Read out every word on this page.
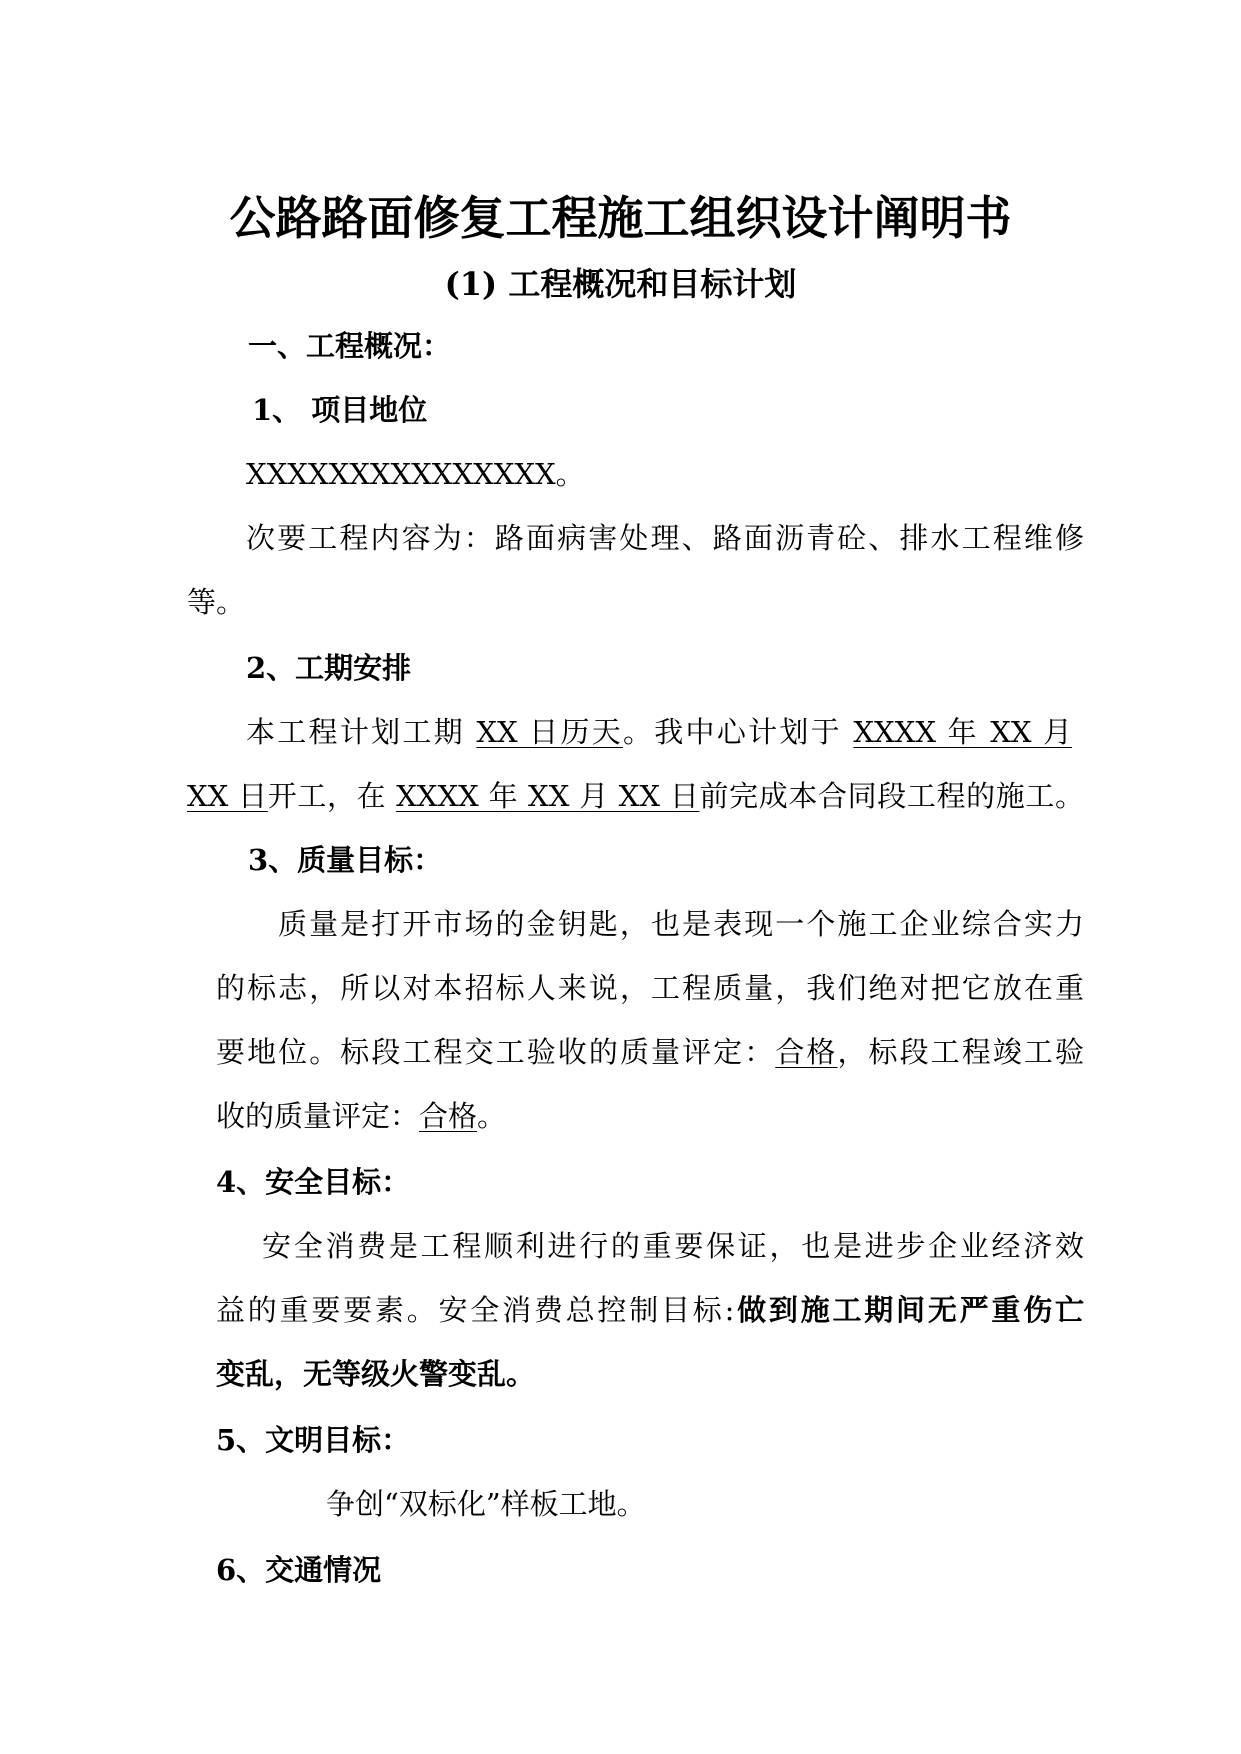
公路路面修复工程施工组织设计阐明书
(1) 工程概况和目标计划
一、工程概况：
1、 项目地位
XXXXXXXXXXXXXXX。
次要工程内容为：路面病害处理、路面沥青砼、排水工程维修
等。
2、工期安排
本工程计划工期 XX 日历天。我中心计划于 XXXX 年 XX 月
XX 日开工，在 XXXX 年 XX 月 XX 日前完成本合同段工程的施工。
3、质量目标：
质量是打开市场的金钥匙，也是表现一个施工企业综合实力
的标志，所以对本招标人来说，工程质量，我们绝对把它放在重
要地位。标段工程交工验收的质量评定：合格，标段工程竣工验
收的质量评定：合格。
4、安全目标：
安全消费是工程顺利进行的重要保证，也是进步企业经济效
益的重要要素。安全消费总控制目标:做到施工期间无严重伤亡
变乱，无等级火警变乱。
5、文明目标：
争创“双标化”样板工地。
6、交通情况
